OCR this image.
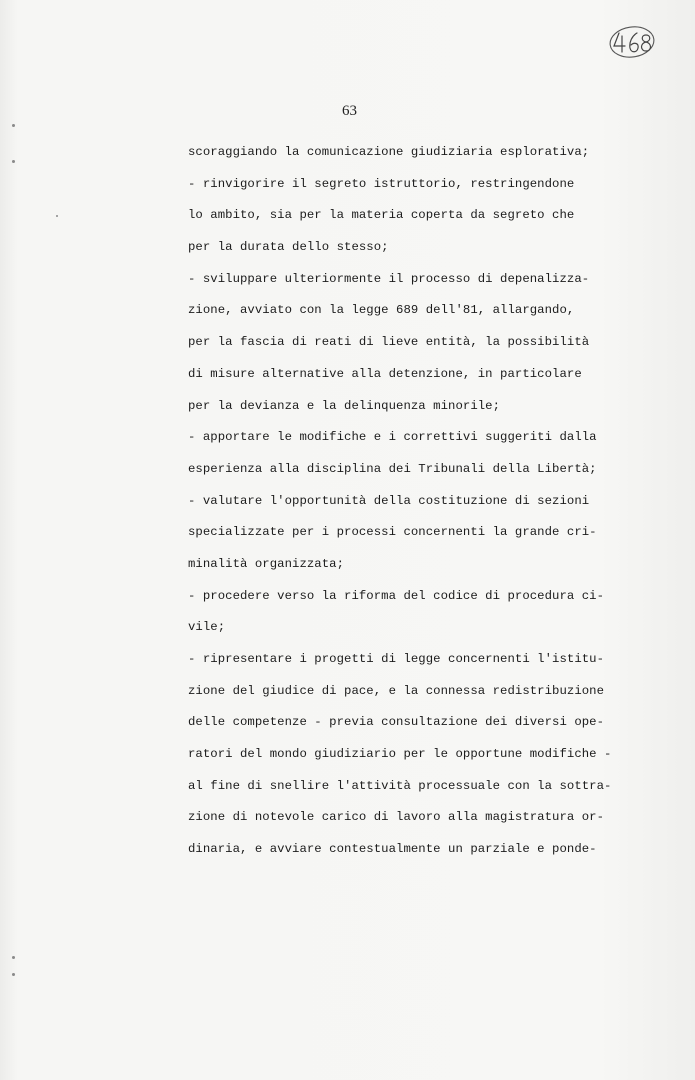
63
scoraggiando la comunicazione giudiziaria esplorativa;
- rinvigorire il segreto istruttorio, restringendone
lo ambito, sia per la materia coperta da segreto che
per la durata dello stesso;
- sviluppare ulteriormente il processo di depenalizza-
zione, avviato con la legge 689 dell'81, allargando,
per la fascia di reati di lieve entità, la possibilità
di misure alternative alla detenzione, in particolare
per la devianza e la delinquenza minorile;
- apportare le modifiche e i correttivi suggeriti dalla
esperienza alla disciplina dei Tribunali della Libertà;
- valutare l'opportunità della costituzione di sezioni
specializzate per i processi concernenti la grande cri-
minalità organizzata;
- procedere verso la riforma del codice di procedura ci-
vile;
- ripresentare i progetti di legge concernenti l'istitu-
zione del giudice di pace, e la connessa redistribuzione
delle competenze - previa consultazione dei diversi ope-
ratori del mondo giudiziario per le opportune modifiche -
al fine di snellire l'attività processuale con la sottra-
zione di notevole carico di lavoro alla magistratura or-
dinaria, e avviare contestualmente un parziale e ponde-
